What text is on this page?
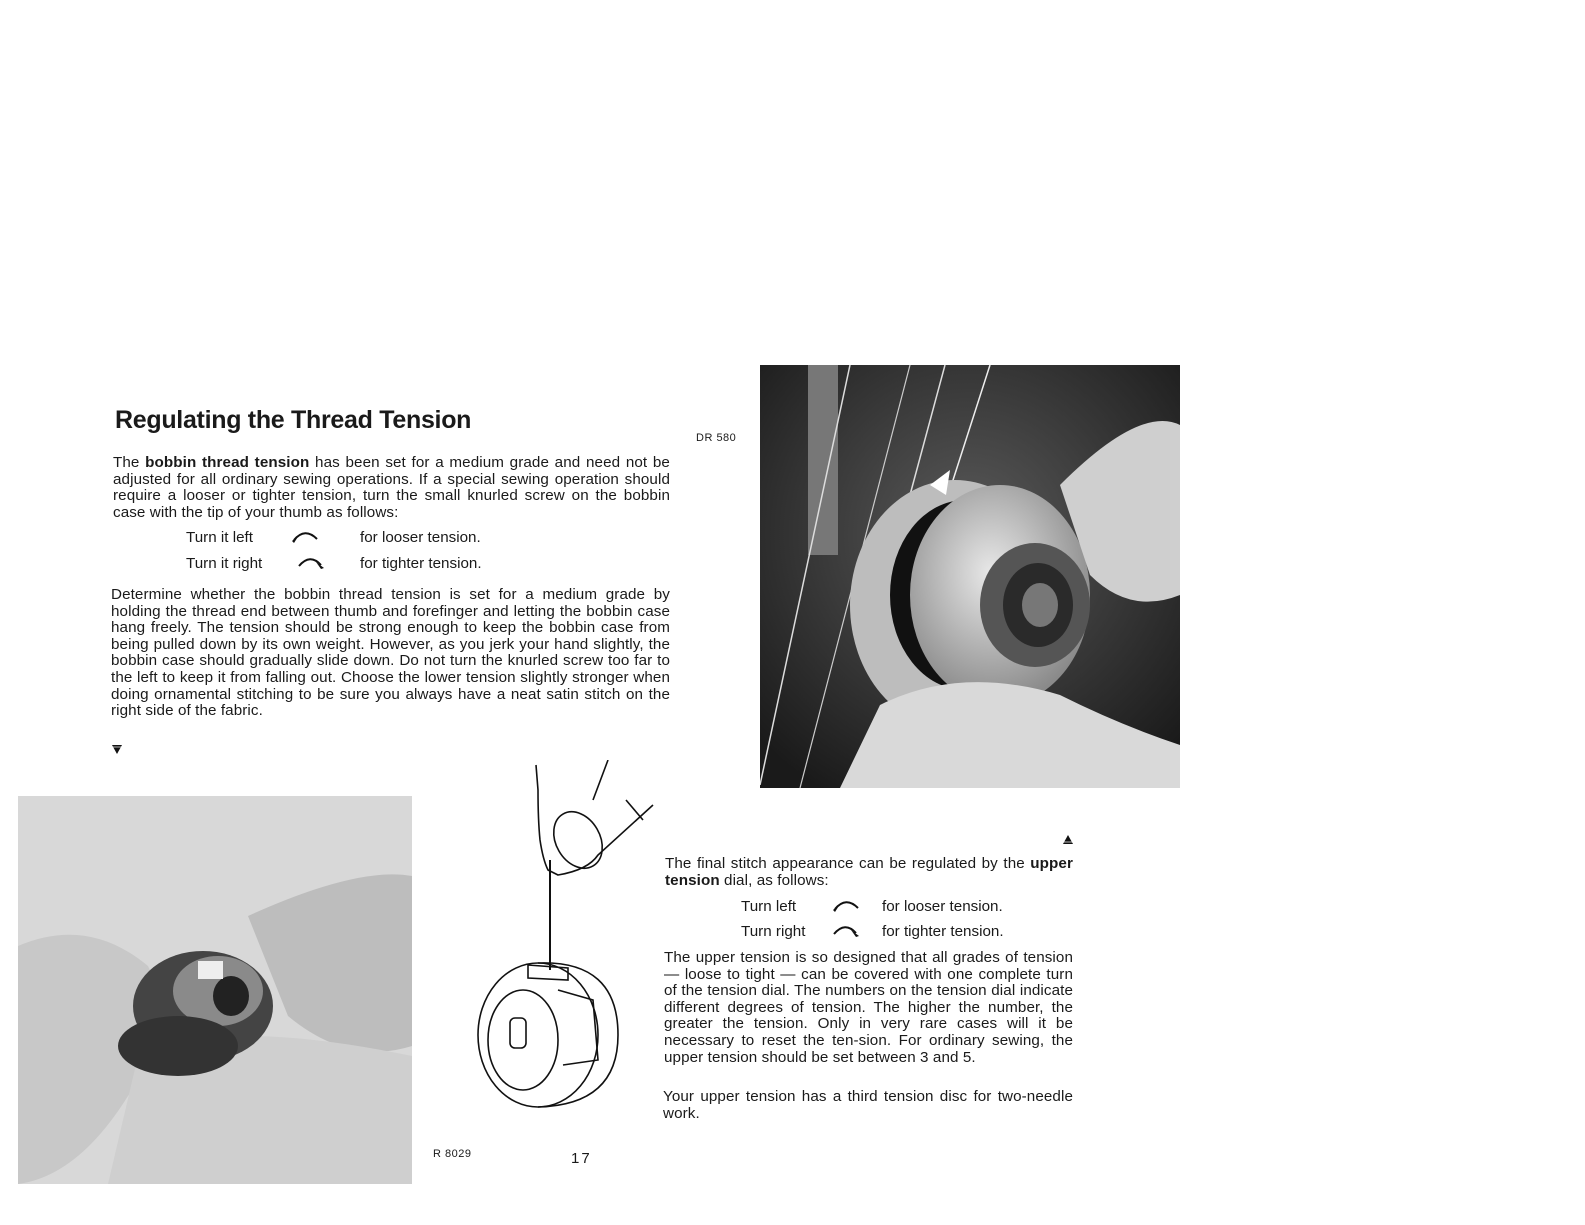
Regulating the Thread Tension
The bobbin thread tension has been set for a medium grade and need not be adjusted for all ordinary sewing operations. If a special sewing operation should require a looser or tighter tension, turn the small knurled screw on the bobbin case with the tip of your thumb as follows:
Turn it left	for looser tension.
Turn it right	for tighter tension.
Determine whether the bobbin thread tension is set for a medium grade by holding the thread end between thumb and forefinger and letting the bobbin case hang freely. The tension should be strong enough to keep the bobbin case from being pulled down by its own weight. However, as you jerk your hand slightly, the bobbin case should gradually slide down. Do not turn the knurled screw too far to the left to keep it from falling out. Choose the lower tension slightly stronger when doing ornamental stitching to be sure you always have a neat satin stitch on the right side of the fabric.
DR 580
The final stitch appearance can be regulated by the upper tension dial, as follows:
Turn left	for looser tension.
Turn right	for tighter tension.
The upper tension is so designed that all grades of tension — loose to tight — can be covered with one complete turn of the tension dial. The numbers on the tension dial indicate different degrees of tension. The higher the number, the greater the tension. Only in very rare cases will it be necessary to reset the ten-sion. For ordinary sewing, the upper tension should be set between 3 and 5.
Your upper tension has a third tension disc for two-needle work.
R 8029	17
